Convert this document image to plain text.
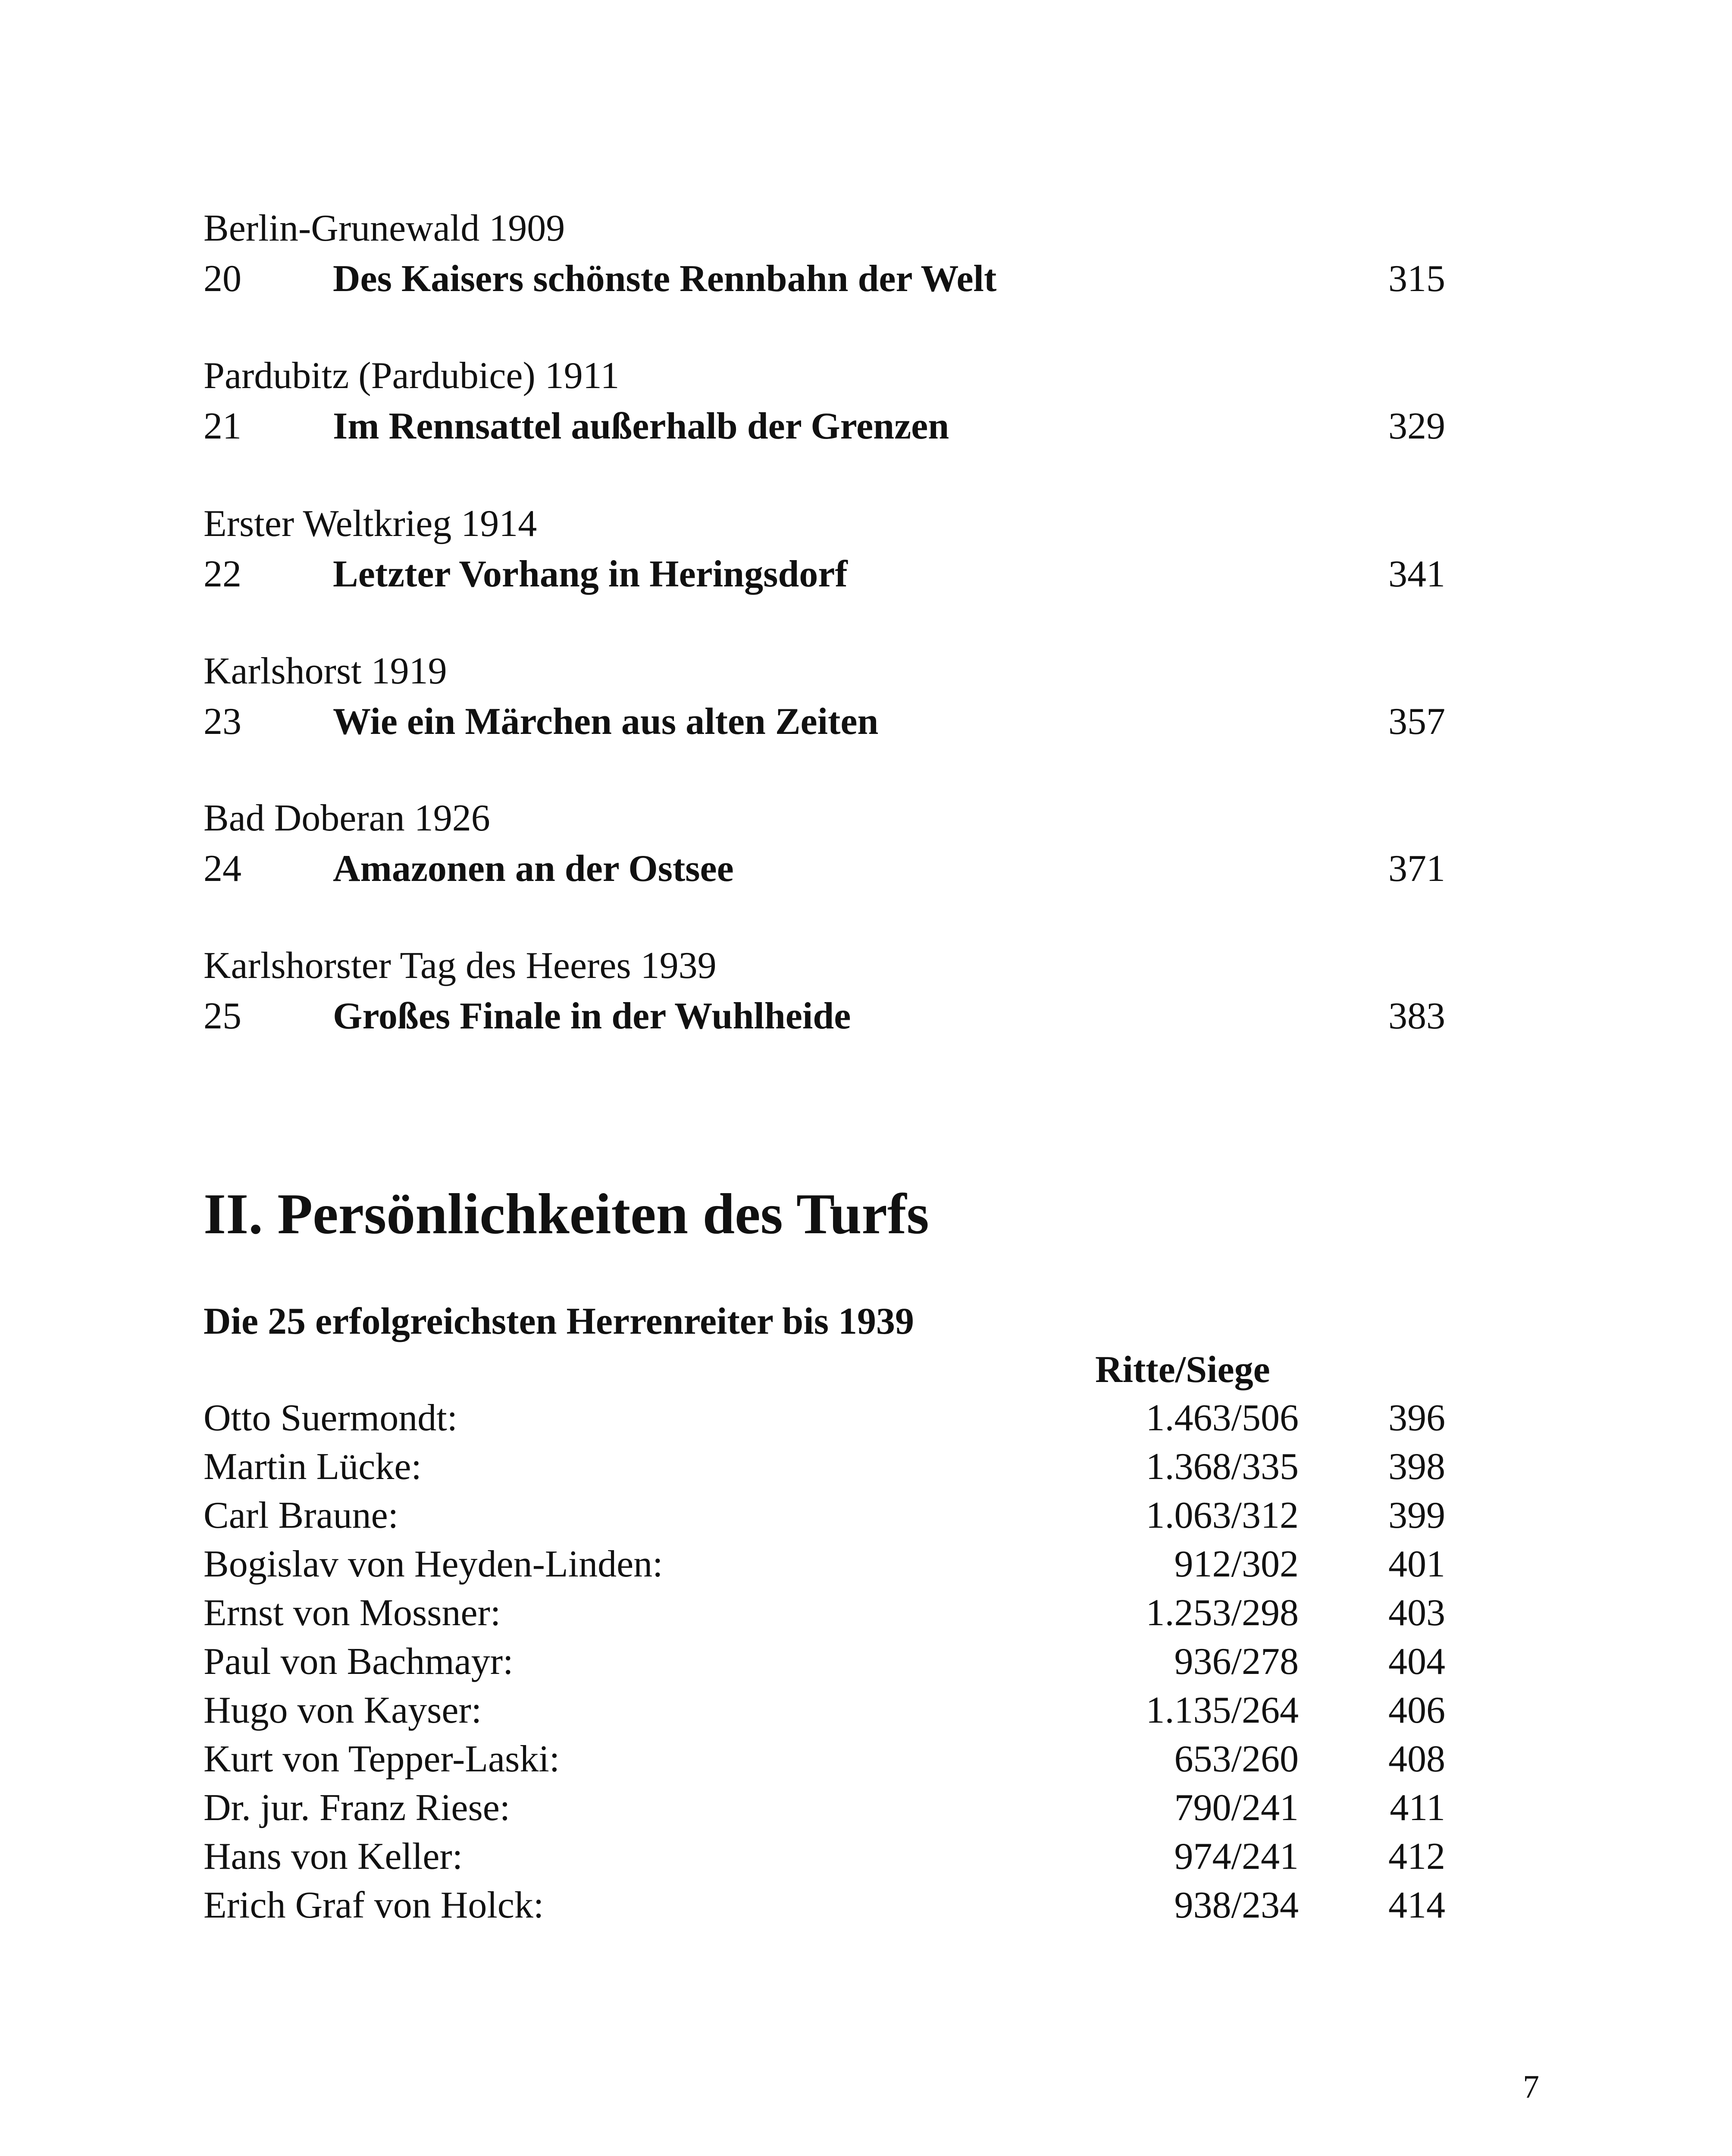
Berlin-Grunewald 1909
20 Des Kaisers schönste Rennbahn der Welt	315
Pardubitz (Pardubice) 1911
21 Im Rennsattel außerhalb der Grenzen	329
Erster Weltkrieg 1914
22 Letzter Vorhang in Heringsdorf	341
Karlshorst 1919
23 Wie ein Märchen aus alten Zeiten	357
Bad Doberan 1926
24 Amazonen an der Ostsee	371
Karlshorster Tag des Heeres 1939
25 Großes Finale in der Wuhlheide	383
II. Persönlichkeiten des Turfs
Die 25 erfolgreichsten Herrenreiter bis 1939
Ritte/Siege
Otto Suermondt:	1.463/506 396
Martin Lücke:	1.368/335 398
Carl Braune:	1.063/312 399
Bogislav von Heyden-Linden:	912/302 401
Ernst von Mossner:	1.253/298 403
Paul von Bachmayr:	936/278 404
Hugo von Kayser:	1.135/264 406
Kurt von Tepper-Laski:	653/260 408
Dr. jur. Franz Riese:	790/241 411
Hans von Keller:	974/241 412
Erich Graf von Holck:	938/234 414
7
